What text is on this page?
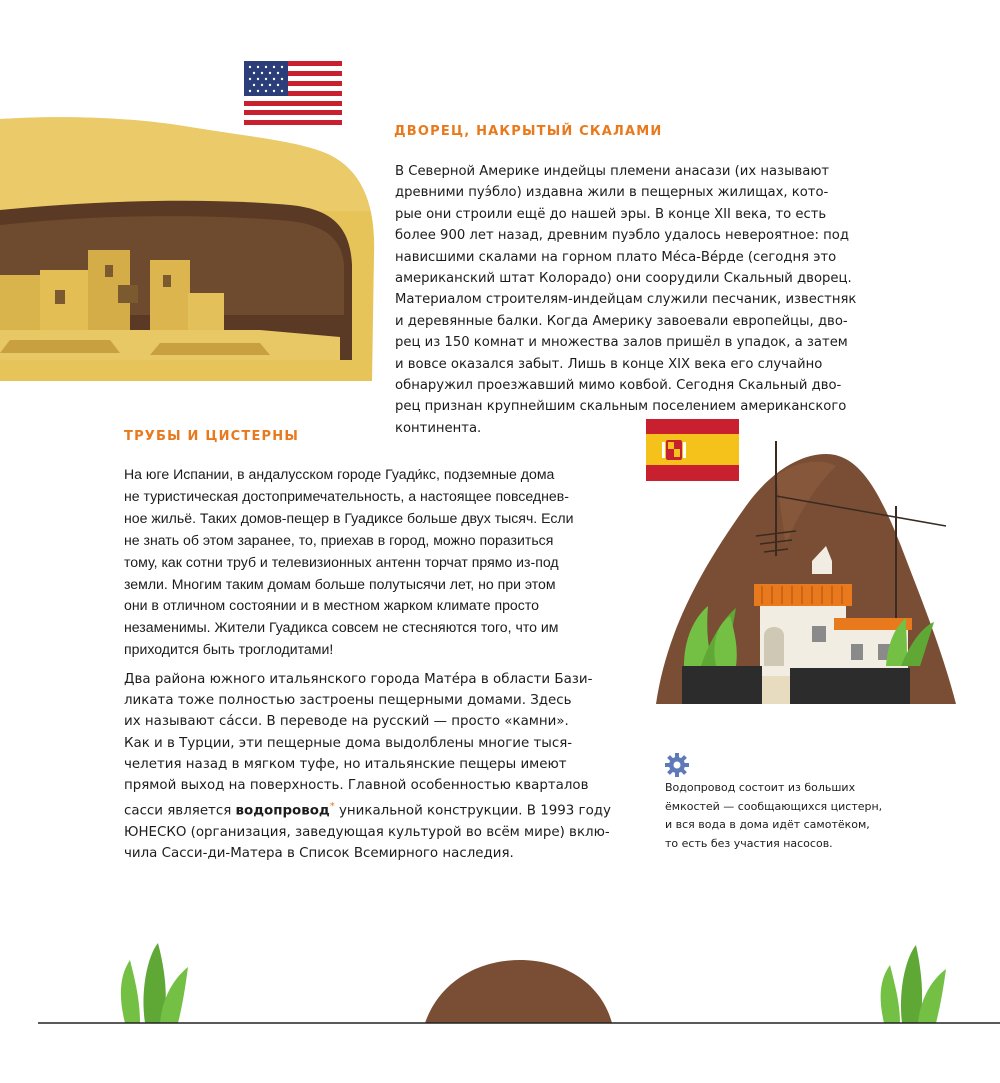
ДВОРЕЦ, НАКРЫТЫЙ СКАЛАМИ
В Северной Америке индейцы племени анасази (их называют
древними пуэ́бло) издавна жили в пещерных жилищах, кото-
рые они строили ещё до нашей эры. В конце XII века, то есть
более 900 лет назад, древним пуэбло удалось невероятное: под
нависшими скалами на горном плато Ме́са-Ве́рде (сегодня это
американский штат Колорадо) они соорудили Скальный дворец.
Материалом строителям-индейцам служили песчаник, известняк
и деревянные балки. Когда Америку завоевали европейцы, дво-
рец из 150 комнат и множества залов пришёл в упадок, а затем
и вовсе оказался забыт. Лишь в конце XIX века его случайно
обнаружил проезжавший мимо ковбой. Сегодня Скальный дво-
рец признан крупнейшим скальным поселением американского
континента.
ТРУБЫ И ЦИСТЕРНЫ
На юге Испании, в андалусском городе Гуади́кс, подземные дома
не туристическая достопримечательность, а настоящее повседнев-
ное жильё. Таких домов-пещер в Гуадиксе больше двух тысяч. Если
не знать об этом заранее, то, приехав в город, можно поразиться
тому, как сотни труб и телевизионных антенн торчат прямо из-под
земли. Многим таким домам больше полутысячи лет, но при этом
они в отличном состоянии и в местном жарком климате просто
незаменимы. Жители Гуадикса совсем не стесняются того, что им
приходится быть троглодитами!
Два района южного итальянского города Мате́ра в области Бази-
ликата тоже полностью застроены пещерными домами. Здесь
их называют са́сси. В переводе на русский — просто «камни».
Как и в Турции, эти пещерные дома выдолблены многие тыся-
челетия назад в мягком туфе, но итальянские пещеры имеют
прямой выход на поверхность. Главной особенностью кварталов
сасси является водопровод* уникальной конструкции. В 1993 году
ЮНЕСКО (организация, заведующая культурой во всём мире) вклю-
чила Сасси-ди-Матера в Список Всемирного наследия.
Водопровод состоит из больших
ёмкостей — сообщающихся цистерн,
и вся вода в дома идёт самотёком,
то есть без участия насосов.
